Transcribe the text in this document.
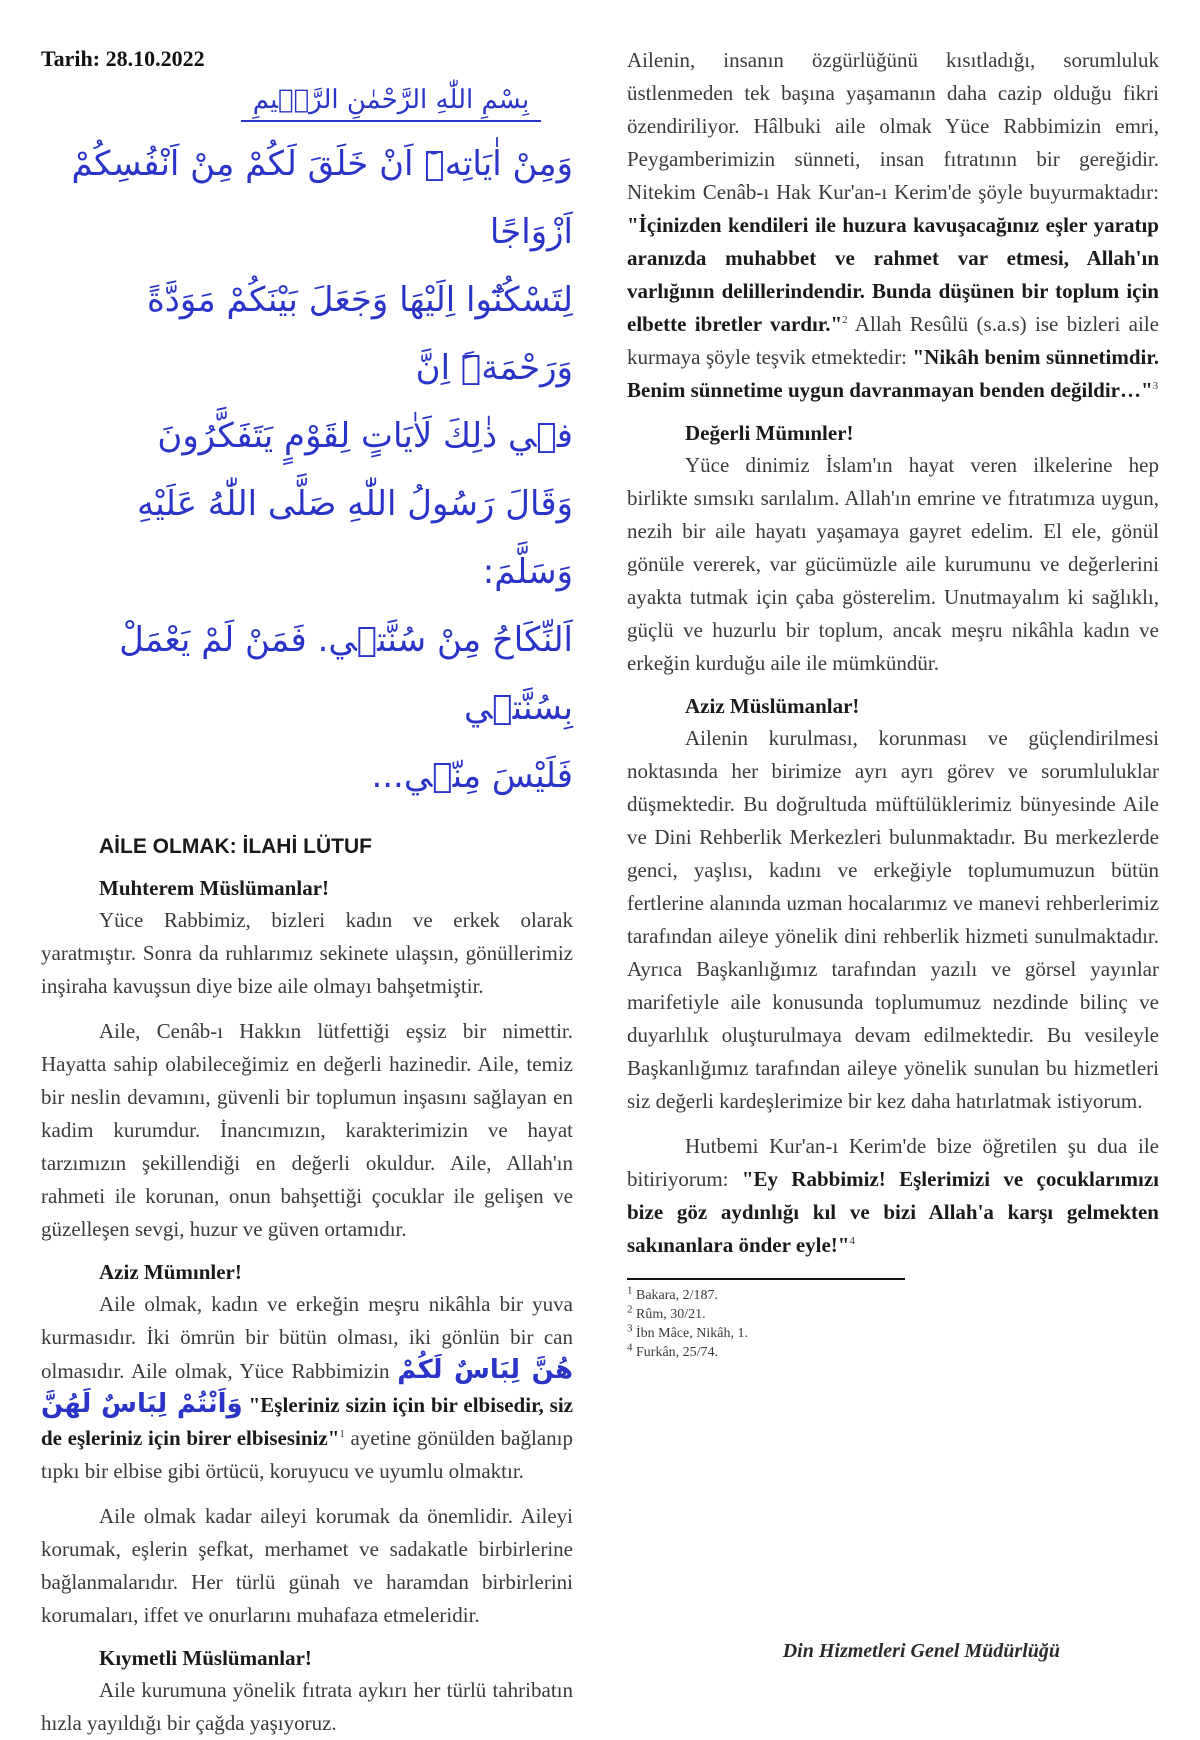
Tarih: 28.10.2022
بِسْمِ اللّٰهِ الرَّحْمٰنِ الرَّح۪يمِ
وَمِنْ اٰيَاتِه۪ٓ اَنْ خَلَقَ لَكُمْ مِنْ اَنْفُسِكُمْ اَزْوَاجًا
لِتَسْكُنُٓوا اِلَيْهَا وَجَعَلَ بَيْنَكُمْ مَوَدَّةً وَرَحْمَةًۜ اِنَّ
ف۪ي ذٰلِكَ لَاٰيَاتٍ لِقَوْمٍ يَتَفَكَّرُونَ
وَقَالَ رَسُولُ اللّٰهِ صَلَّى اللّٰهُ عَلَيْهِ وَسَلَّمَ:
اَلنِّكَاحُ مِنْ سُنَّت۪ي. فَمَنْ لَمْ يَعْمَلْ بِسُنَّت۪ي
فَلَيْسَ مِنّ۪ي...
AİLE OLMAK: İLAHİ LÜTUF
Muhterem Müslümanlar!

Yüce Rabbimiz, bizleri kadın ve erkek olarak yaratmıştır. Sonra da ruhlarımız sekinete ulaşsın, gönüllerimiz inşiraha kavuşsun diye bize aile olmayı bahşetmiştir.

Aile, Cenâb-ı Hakkın lütfettiği eşsiz bir nimettir. Hayatta sahip olabileceğimiz en değerli hazinedir. Aile, temiz bir neslin devamını, güvenli bir toplumun inşasını sağlayan en kadim kurumdur. İnancımızın, karakterimizin ve hayat tarzımızın şekillendiği en değerli okuldur. Aile, Allah'ın rahmeti ile korunan, onun bahşettiği çocuklar ile gelişen ve güzelleşen sevgi, huzur ve güven ortamıdır.

Aziz Mümınler!

Aile olmak, kadın ve erkeğin meşru nikâhla bir yuva kurmasıdır. İki ömrün bir bütün olması, iki gönlün bir can olmasıdır. Aile olmak, Yüce Rabbimizin هُنَّ لِبَاسٌ لَكُمْ وَاَنْتُمْ لِبَاسٌ لَهُنَّ "Eşleriniz sizin için bir elbisedir, siz de eşleriniz için birer elbisesiniz"$^1$ ayetine gönülden bağlanıp tıpkı bir elbise gibi örtücü, koruyucu ve uyumlu olmaktır.

Aile olmak kadar aileyi korumak da önemlidir. Aileyi korumak, eşlerin şefkat, merhamet ve sadakatle birbirlerine bağlanmalarıdır. Her türlü günah ve haramdan birbirlerini korumaları, iffet ve onurlarını muhafaza etmeleridir.

Kıymetli Müslümanlar!

Aile kurumuna yönelik fıtrata aykırı her türlü tahribatın hızla yayıldığı bir çağda yaşıyoruz.

Ailenin, insanın özgürlüğünü kısıtladığı, sorumluluk üstlenmeden tek başına yaşamanın daha cazip olduğu fikri özendiriliyor. Hâlbuki aile olmak Yüce Rabbimizin emri, Peygamberimizin sünneti, insan fıtratının bir gereğidir. Nitekim Cenâb-ı Hak Kur'an-ı Kerim'de şöyle buyurmaktadır: "İçinizden kendileri ile huzura kavuşacağınız eşler yaratıp aranızda muhabbet ve rahmet var etmesi, Allah'ın varlığının delillerindendir. Bunda düşünen bir toplum için elbette ibretler vardır."$^2$ Allah Resûlü (s.a.s) ise bizleri aile kurmaya şöyle teşvik etmektedir: "Nikâh benim sünnetimdir. Benim sünnetime uygun davranmayan benden değildir…"$^3$

Değerli Mümınler!

Yüce dinimiz İslam'ın hayat veren ilkelerine hep birlikte sımsıkı sarılalım. Allah'ın emrine ve fıtratımıza uygun, nezih bir aile hayatı yaşamaya gayret edelim. El ele, gönül gönüle vererek, var gücümüzle aile kurumunu ve değerlerini ayakta tutmak için çaba gösterelim. Unutmayalım ki sağlıklı, güçlü ve huzurlu bir toplum, ancak meşru nikâhla kadın ve erkeğin kurduğu aile ile mümkündür.

Aziz Müslümanlar!

Ailenin kurulması, korunması ve güçlendirilmesi noktasında her birimize ayrı ayrı görev ve sorumluluklar düşmektedir. Bu doğrultuda müftülüklerimiz bünyesinde Aile ve Dini Rehberlik Merkezleri bulunmaktadır. Bu merkezlerde genci, yaşlısı, kadını ve erkeğiyle toplumumuzun bütün fertlerine alanında uzman hocalarımız ve manevi rehberlerimiz tarafından aileye yönelik dini rehberlik hizmeti sunulmaktadır. Ayrıca Başkanlığımız tarafından yazılı ve görsel yayınlar marifetiyle aile konusunda toplumumuz nezdinde bilinç ve duyarlılık oluşturulmaya devam edilmektedir. Bu vesileyle Başkanlığımız tarafından aileye yönelik sunulan bu hizmetleri siz değerli kardeşlerimize bir kez daha hatırlatmak istiyorum.

Hutbemi Kur'an-ı Kerim'de bize öğretilen şu dua ile bitiriyorum: "Ey Rabbimiz! Eşlerimizi ve çocuklarımızı bize göz aydınlığı kıl ve bizi Allah'a karşı gelmekten sakınanlara önder eyle!"$^4$

$^1$ Bakara, 2/187.
$^2$ Rûm, 30/21.
$^3$ İbn Mâce, Nikâh, 1.
$^4$ Furkân, 25/74.
Din Hizmetleri Genel Müdürlüğü
